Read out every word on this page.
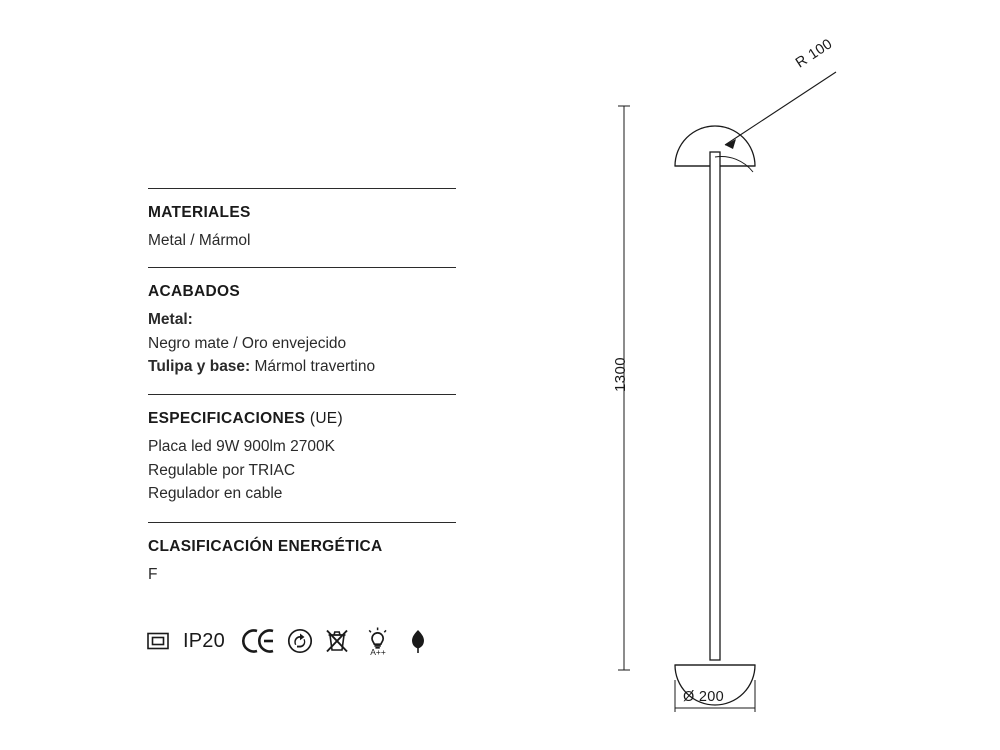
MATERIALES

Metal / Mármol

ACABADOS

Metal:

Negro mate / Oro envejecido

Tulipa y base: Mármol travertino

ESPECIFICACIONES (UE)

Placa led 9W 900lm 2700K

Regulable por TRIAC

Regulador en cable

CLASIFICACIÓN ENERGÉTICA

F

IP20	A++
1300
Ø 200
R 100
